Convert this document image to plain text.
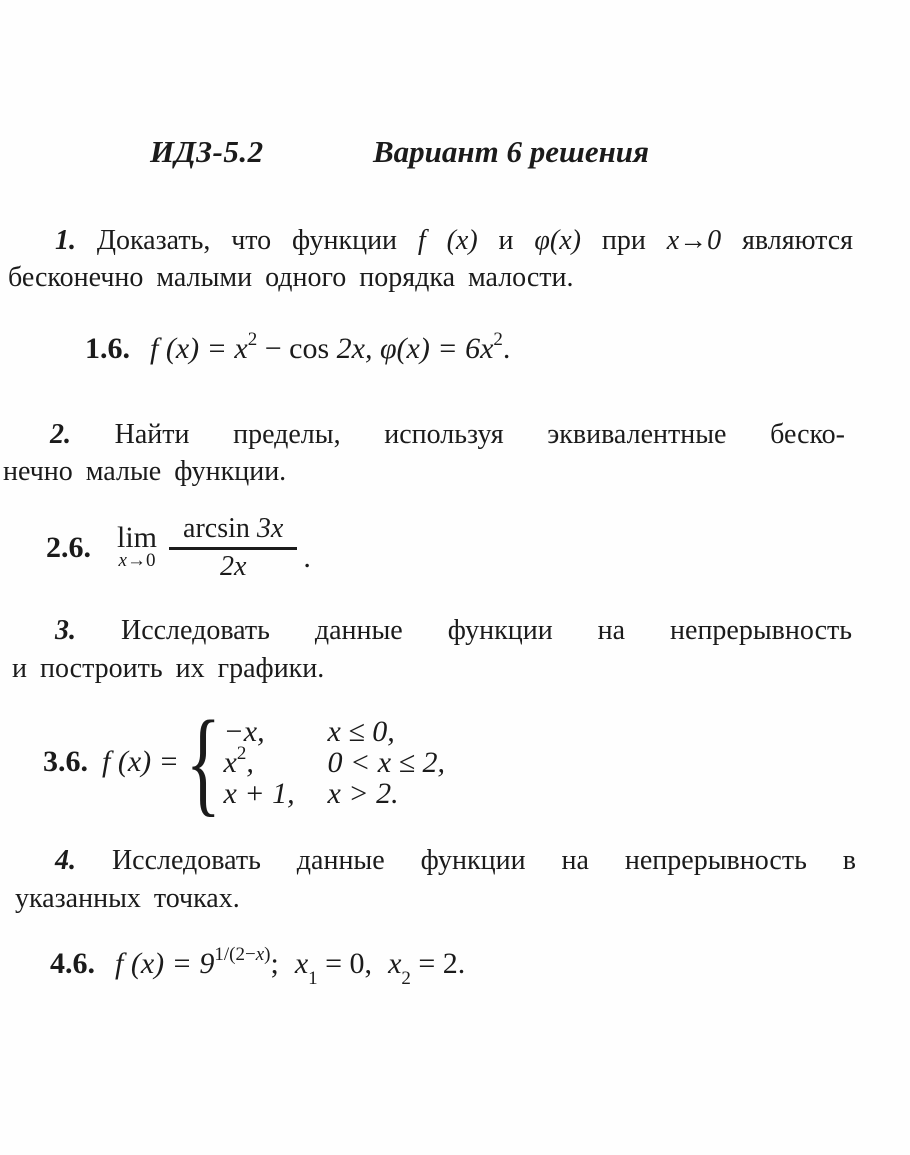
ИДЗ-5.2	Вариант 6 решения
1. Доказать, что функции f (x) и φ(x) при x→0 являются
бесконечно малыми одного порядка малости.
1.6. f $(x) = x^2 - \cos 2x$, $\varphi(x) = 6x^2$.
2. Найти пределы, используя эквивалентные беско-
нечно малые функции.
2.6. lim
$x\to 0 \frac{\arcsin 3x}{2x}$ .
3. Исследовать данные функции на непрерывность
и построить их графики.
3.6. f (x) = { −x,	x ≤ 0,
$x^2$,	0 < x ≤ 2,
x + 1,	x > 2.
4. Исследовать данные функции на непрерывность в
указанных точках.
4.6. f $(x) = 9^{1/(2-x)}$; $x_1 = 0$, $x_2 = 2$.
